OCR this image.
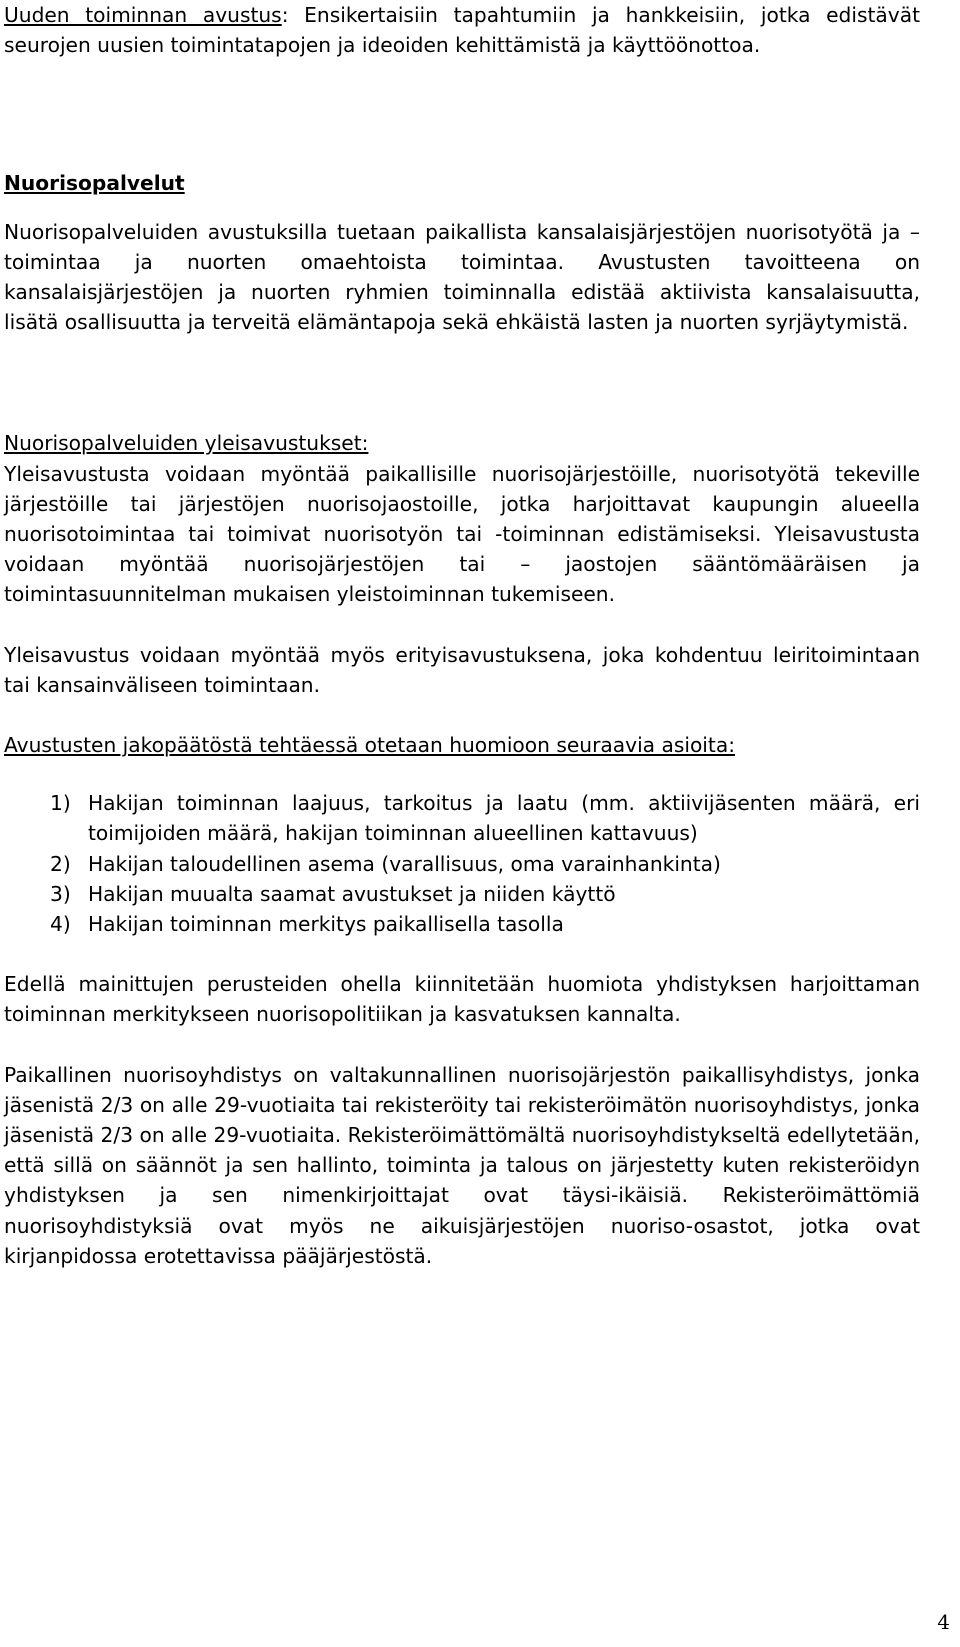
Uuden toiminnan avustus: Ensikertaisiin tapahtumiin ja hankkeisiin, jotka edistävät seurojen uusien toimintatapojen ja ideoiden kehittämistä ja käyttöönottoa.

Nuorisopalvelut

Nuorisopalveluiden avustuksilla tuetaan paikallista kansalaisjärjestöjen nuorisotyötä ja – toimintaa ja nuorten omaehtoista toimintaa. Avustusten tavoitteena on kansalaisjärjestöjen ja nuorten ryhmien toiminnalla edistää aktiivista kansalaisuutta, lisätä osallisuutta ja terveitä elämäntapoja sekä ehkäistä lasten ja nuorten syrjäytymistä.

Nuorisopalveluiden yleisavustukset:
Yleisavustusta voidaan myöntää paikallisille nuorisojärjestöille, nuorisotyötä tekeville järjestöille tai järjestöjen nuorisojaostoille, jotka harjoittavat kaupungin alueella nuorisotoimintaa tai toimivat nuorisotyön tai -toiminnan edistämiseksi. Yleisavustusta voidaan myöntää nuorisojärjestöjen tai – jaostojen sääntömääräisen ja toimintasuunnitelman mukaisen yleistoiminnan tukemiseen.

Yleisavustus voidaan myöntää myös erityisavustuksena, joka kohdentuu leiritoimintaan tai kansainväliseen toimintaan.

Avustusten jakopäätöstä tehtäessä otetaan huomioon seuraavia asioita:

1) Hakijan toiminnan laajuus, tarkoitus ja laatu (mm. aktiivijäsenten määrä, eri toimijoiden määrä, hakijan toiminnan alueellinen kattavuus)
2) Hakijan taloudellinen asema (varallisuus, oma varainhankinta)
3) Hakijan muualta saamat avustukset ja niiden käyttö
4) Hakijan toiminnan merkitys paikallisella tasolla

Edellä mainittujen perusteiden ohella kiinnitetään huomiota yhdistyksen harjoittaman toiminnan merkitykseen nuorisopolitiikan ja kasvatuksen kannalta.

Paikallinen nuorisoyhdistys on valtakunnallinen nuorisojärjestön paikallisyhdistys, jonka jäsenistä 2/3 on alle 29-vuotiaita tai rekisteröity tai rekisteröimätön nuorisoyhdistys, jonka jäsenistä 2/3 on alle 29-vuotiaita. Rekisteröimättömältä nuorisoyhdistykseltä edellytetään, että sillä on säännöt ja sen hallinto, toiminta ja talous on järjestetty kuten rekisteröidyn yhdistyksen ja sen nimenkirjoittajat ovat täysi-ikäisiä. Rekisteröimättömiä nuorisoyhdistyksiä ovat myös ne aikuisjärjestöjen nuoriso-osastot, jotka ovat kirjanpidossa erotettavissa pääjärjestöstä.

4
